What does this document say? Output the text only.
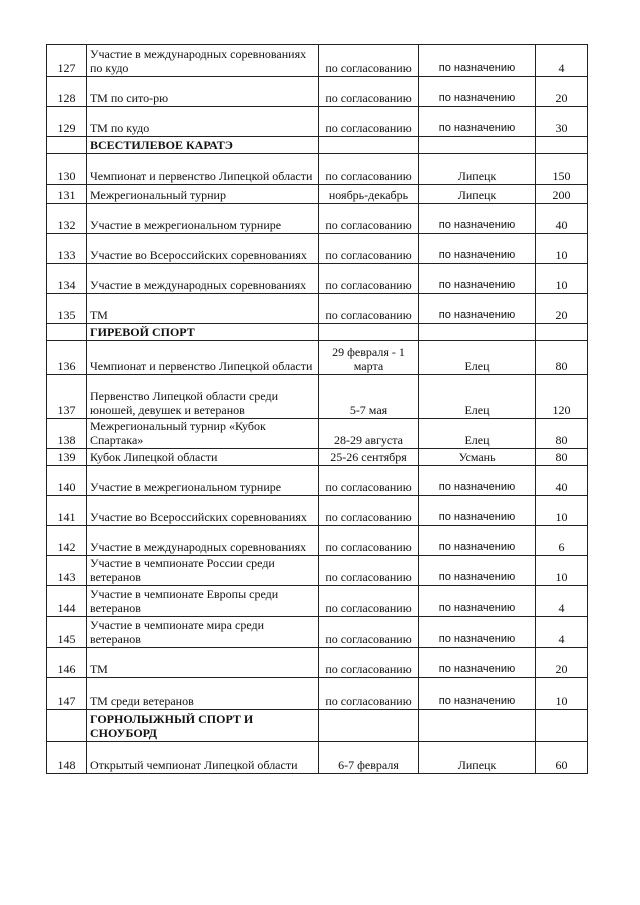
127	Участие в международных соревнованиях по кудо	по согласованию	по назначению	4
128	ТМ по сито-рю	по согласованию	по назначению	20
129	ТМ по кудо	по согласованию	по назначению	30
	ВСЕСТИЛЕВОЕ КАРАТЭ			
130	Чемпионат и первенство Липецкой области	по согласованию	Липецк	150
131	Межрегиональный турнир	ноябрь-декабрь	Липецк	200
132	Участие в межрегиональном турнире	по согласованию	по назначению	40
133	Участие во Всероссийских соревнованиях	по согласованию	по назначению	10
134	Участие в международных соревнованиях	по согласованию	по назначению	10
135	ТМ	по согласованию	по назначению	20
	ГИРЕВОЙ СПОРТ			
136	Чемпионат и первенство Липецкой области	29 февраля - 1 марта	Елец	80
137	Первенство Липецкой области среди юношей, девушек и ветеранов	5-7 мая	Елец	120
138	Межрегиональный турнир «Кубок Спартака»	28-29 августа	Елец	80
139	Кубок Липецкой области	25-26 сентября	Усмань	80
140	Участие в межрегиональном турнире	по согласованию	по назначению	40
141	Участие во Всероссийских соревнованиях	по согласованию	по назначению	10
142	Участие в международных соревнованиях	по согласованию	по назначению	6
143	Участие в чемпионате России среди ветеранов	по согласованию	по назначению	10
144	Участие в чемпионате Европы среди ветеранов	по согласованию	по назначению	4
145	Участие в чемпионате мира среди ветеранов	по согласованию	по назначению	4
146	ТМ	по согласованию	по назначению	20
147	ТМ среди ветеранов	по согласованию	по назначению	10
	ГОРНОЛЫЖНЫЙ СПОРТ И СНОУБОРД			
148	Открытый чемпионат Липецкой области	6-7 февраля	Липецк	60
